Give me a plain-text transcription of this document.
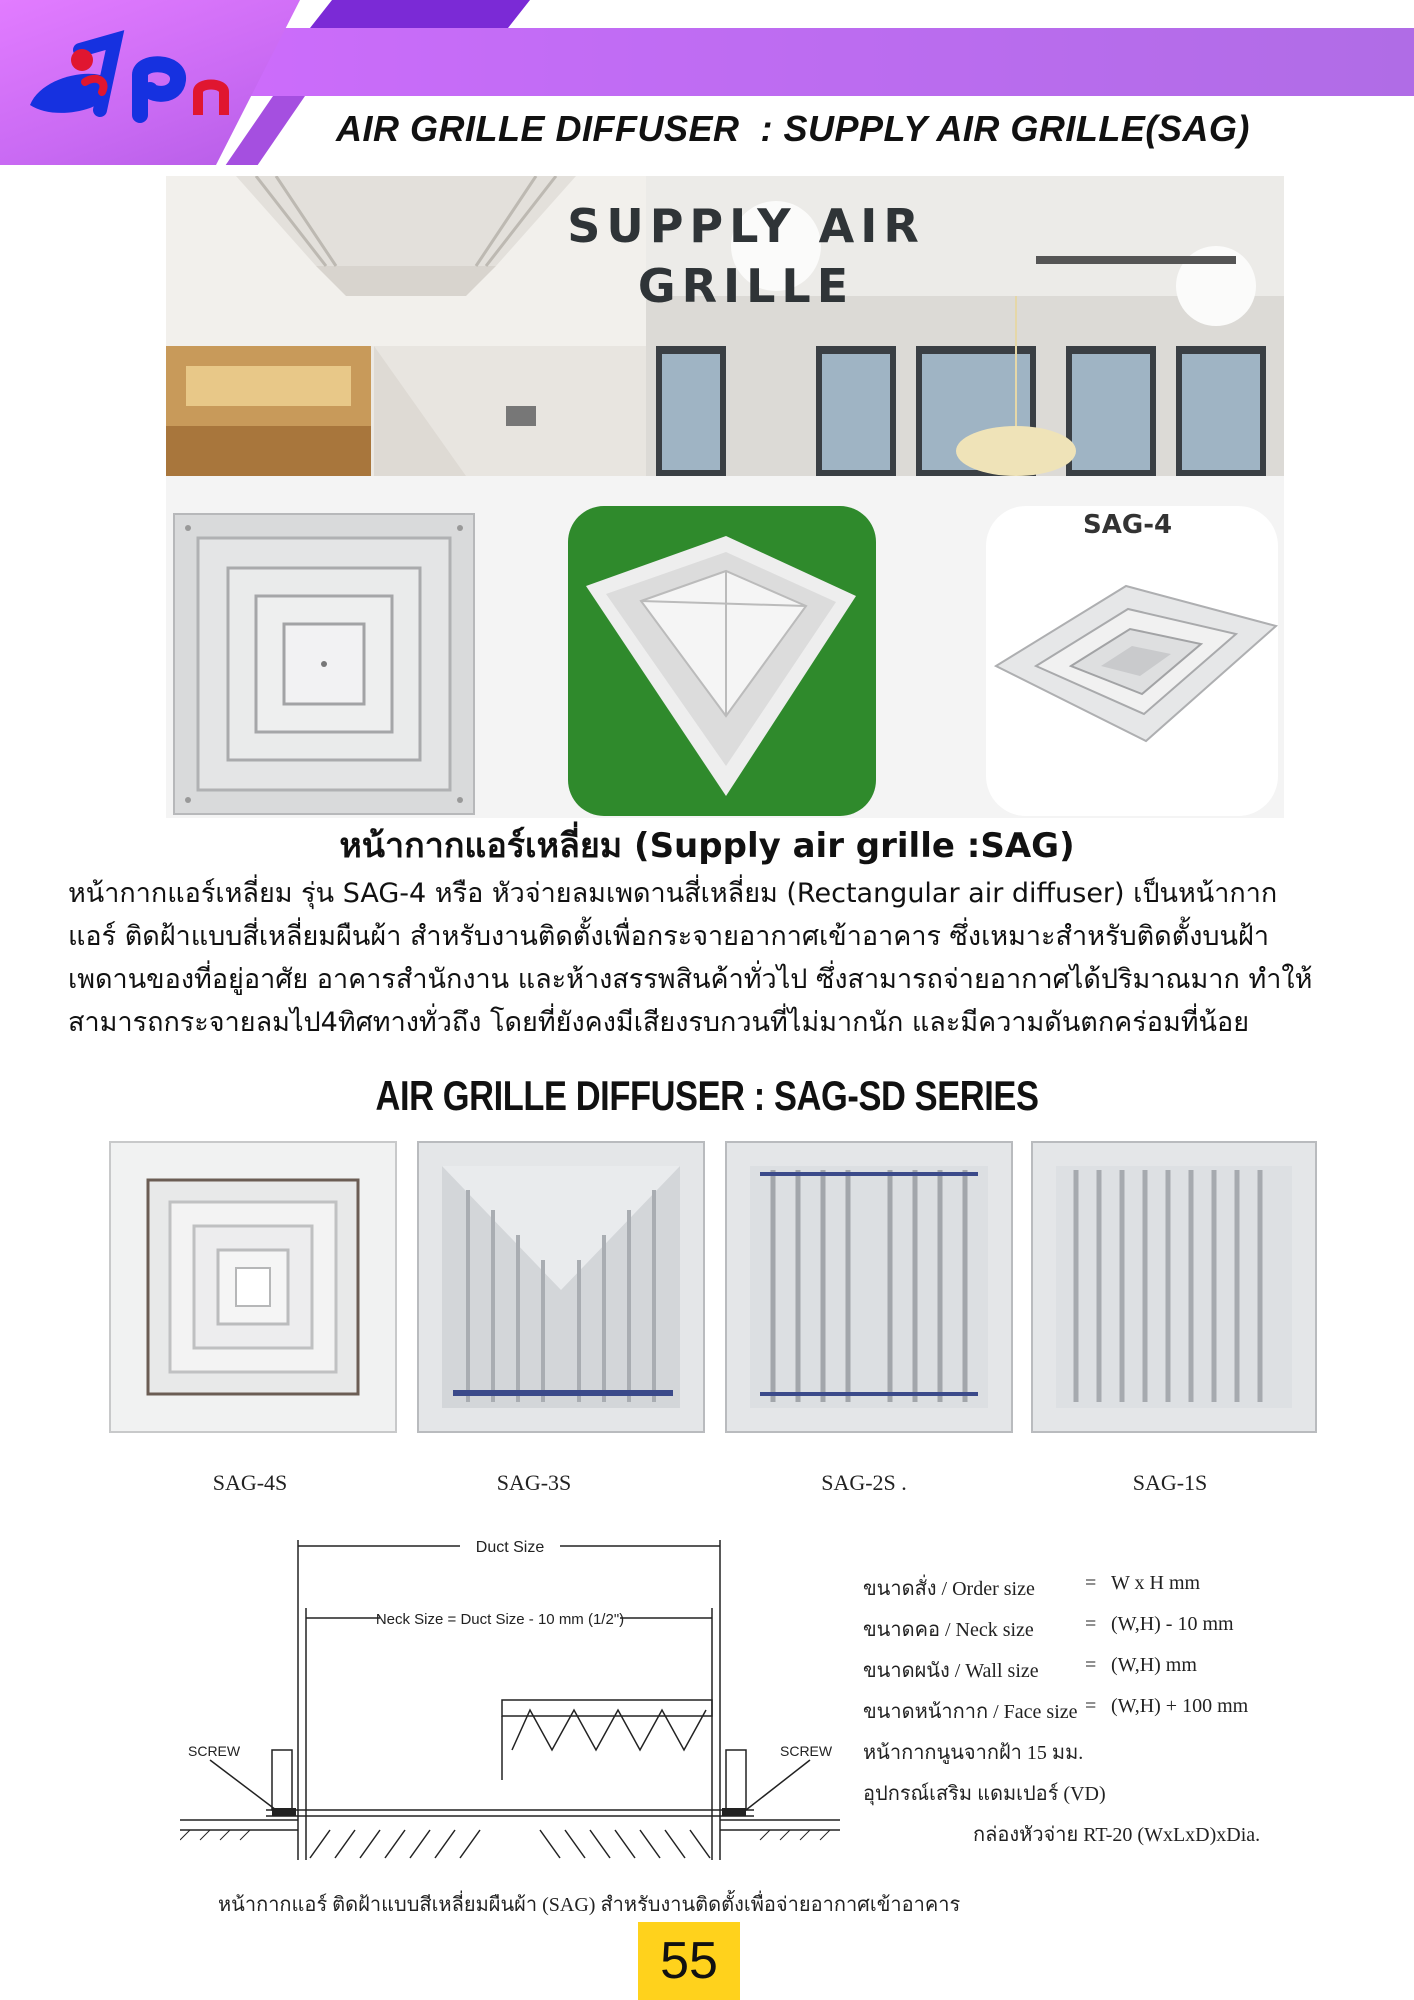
AIR GRILLE DIFFUSER  : SUPPLY AIR GRILLE(SAG)
SUPPLY AIR
GRILLE
SAG-4
หน้ากากแอร์เหลี่ยม (Supply air grille :SAG)
หน้ากากแอร์เหลี่ยม รุ่น SAG-4 หรือ หัวจ่ายลมเพดานสี่เหลี่ยม (Rectangular air diffuser) เป็นหน้ากาก
แอร์ ติดฝ้าแบบสี่เหลี่ยมผืนผ้า สำหรับงานติดตั้งเพื่อกระจายอากาศเข้าอาคาร ซึ่งเหมาะสำหรับติดตั้งบนฝ้า
เพดานของที่อยู่อาศัย อาคารสำนักงาน และห้างสรรพสินค้าทั่วไป ซึ่งสามารถจ่ายอากาศได้ปริมาณมาก ทำให้
สามารถกระจายลมไป4ทิศทางทั่วถึง โดยที่ยังคงมีเสียงรบกวนที่ไม่มากนัก และมีความดันตกคร่อมที่น้อย
AIR GRILLE DIFFUSER : SAG-SD SERIES
SAG-4S	SAG-3S	SAG-2S .	SAG-1S
Duct Size
Neck Size = Duct Size - 10 mm (1/2")
SCREW	SCREW
ขนาดสั่ง / Order size	= W x H mm
ขนาดคอ / Neck size	= (W,H) - 10 mm
ขนาดผนัง / Wall size	= (W,H) mm
ขนาดหน้ากาก / Face size = (W,H) + 100 mm
หน้ากากนูนจากฝ้า 15 มม.
อุปกรณ์เสริม แดมเปอร์ (VD)
กล่องหัวจ่าย RT-20 (WxLxD)xDia.
หน้ากากแอร์ ติดฝ้าแบบสีเหลี่ยมผืนผ้า (SAG) สำหรับงานติดตั้งเพื่อจ่ายอากาศเข้าอาคาร
55
